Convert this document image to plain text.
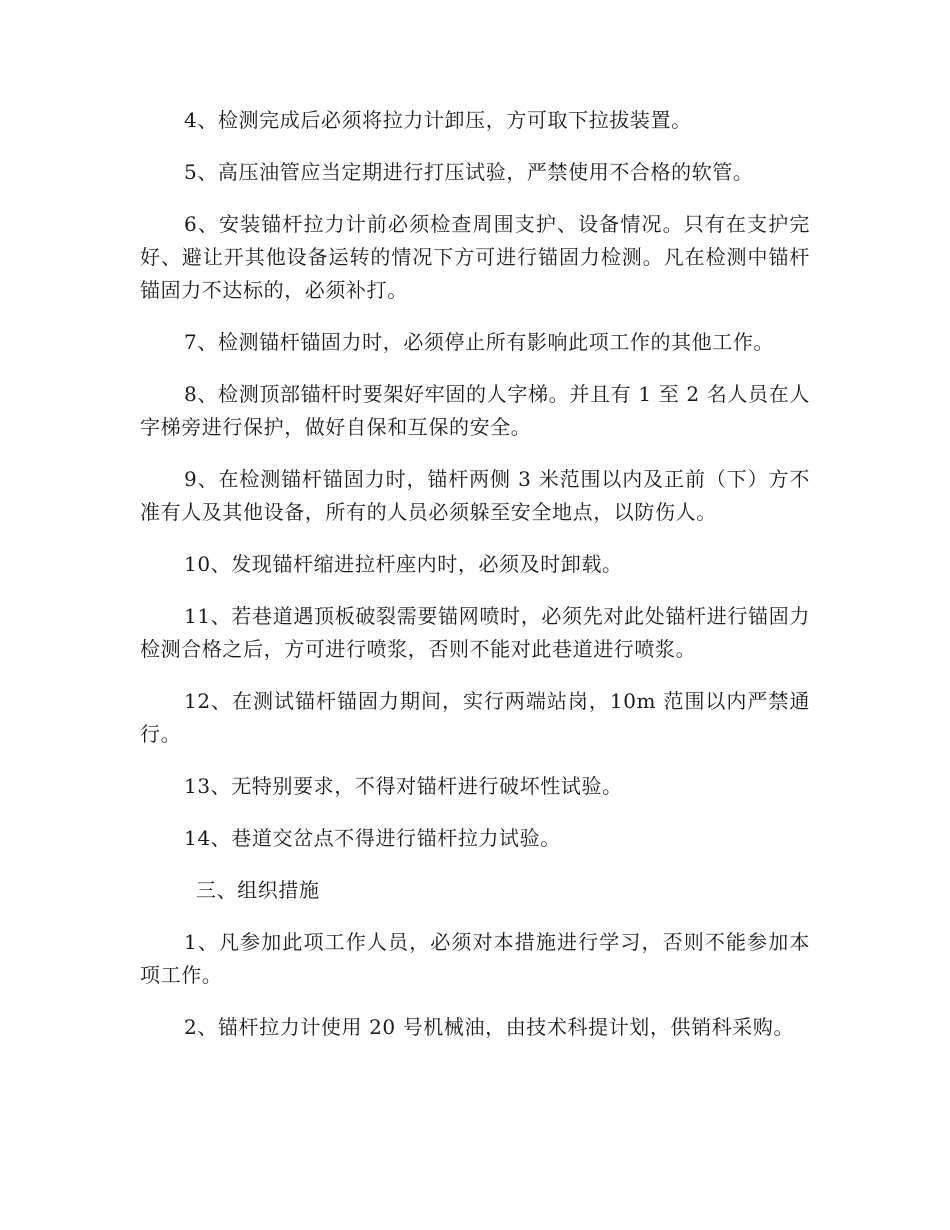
4、检测完成后必须将拉力计卸压，方可取下拉拔装置。

5、高压油管应当定期进行打压试验，严禁使用不合格的软管。

6、安装锚杆拉力计前必须检查周围支护、设备情况。只有在支护完好、避让开其他设备运转的情况下方可进行锚固力检测。凡在检测中锚杆锚固力不达标的，必须补打。

7、检测锚杆锚固力时，必须停止所有影响此项工作的其他工作。

8、检测顶部锚杆时要架好牢固的人字梯。并且有 1 至 2 名人员在人字梯旁进行保护，做好自保和互保的安全。

9、在检测锚杆锚固力时，锚杆两侧 3 米范围以内及正前（下）方不准有人及其他设备，所有的人员必须躲至安全地点，以防伤人。

10、发现锚杆缩进拉杆座内时，必须及时卸载。

11、若巷道遇顶板破裂需要锚网喷时，必须先对此处锚杆进行锚固力检测合格之后，方可进行喷浆，否则不能对此巷道进行喷浆。

12、在测试锚杆锚固力期间，实行两端站岗，10m 范围以内严禁通行。

13、无特别要求，不得对锚杆进行破坏性试验。

14、巷道交岔点不得进行锚杆拉力试验。

三、组织措施

1、凡参加此项工作人员，必须对本措施进行学习，否则不能参加本项工作。

2、锚杆拉力计使用 20 号机械油，由技术科提计划，供销科采购。
